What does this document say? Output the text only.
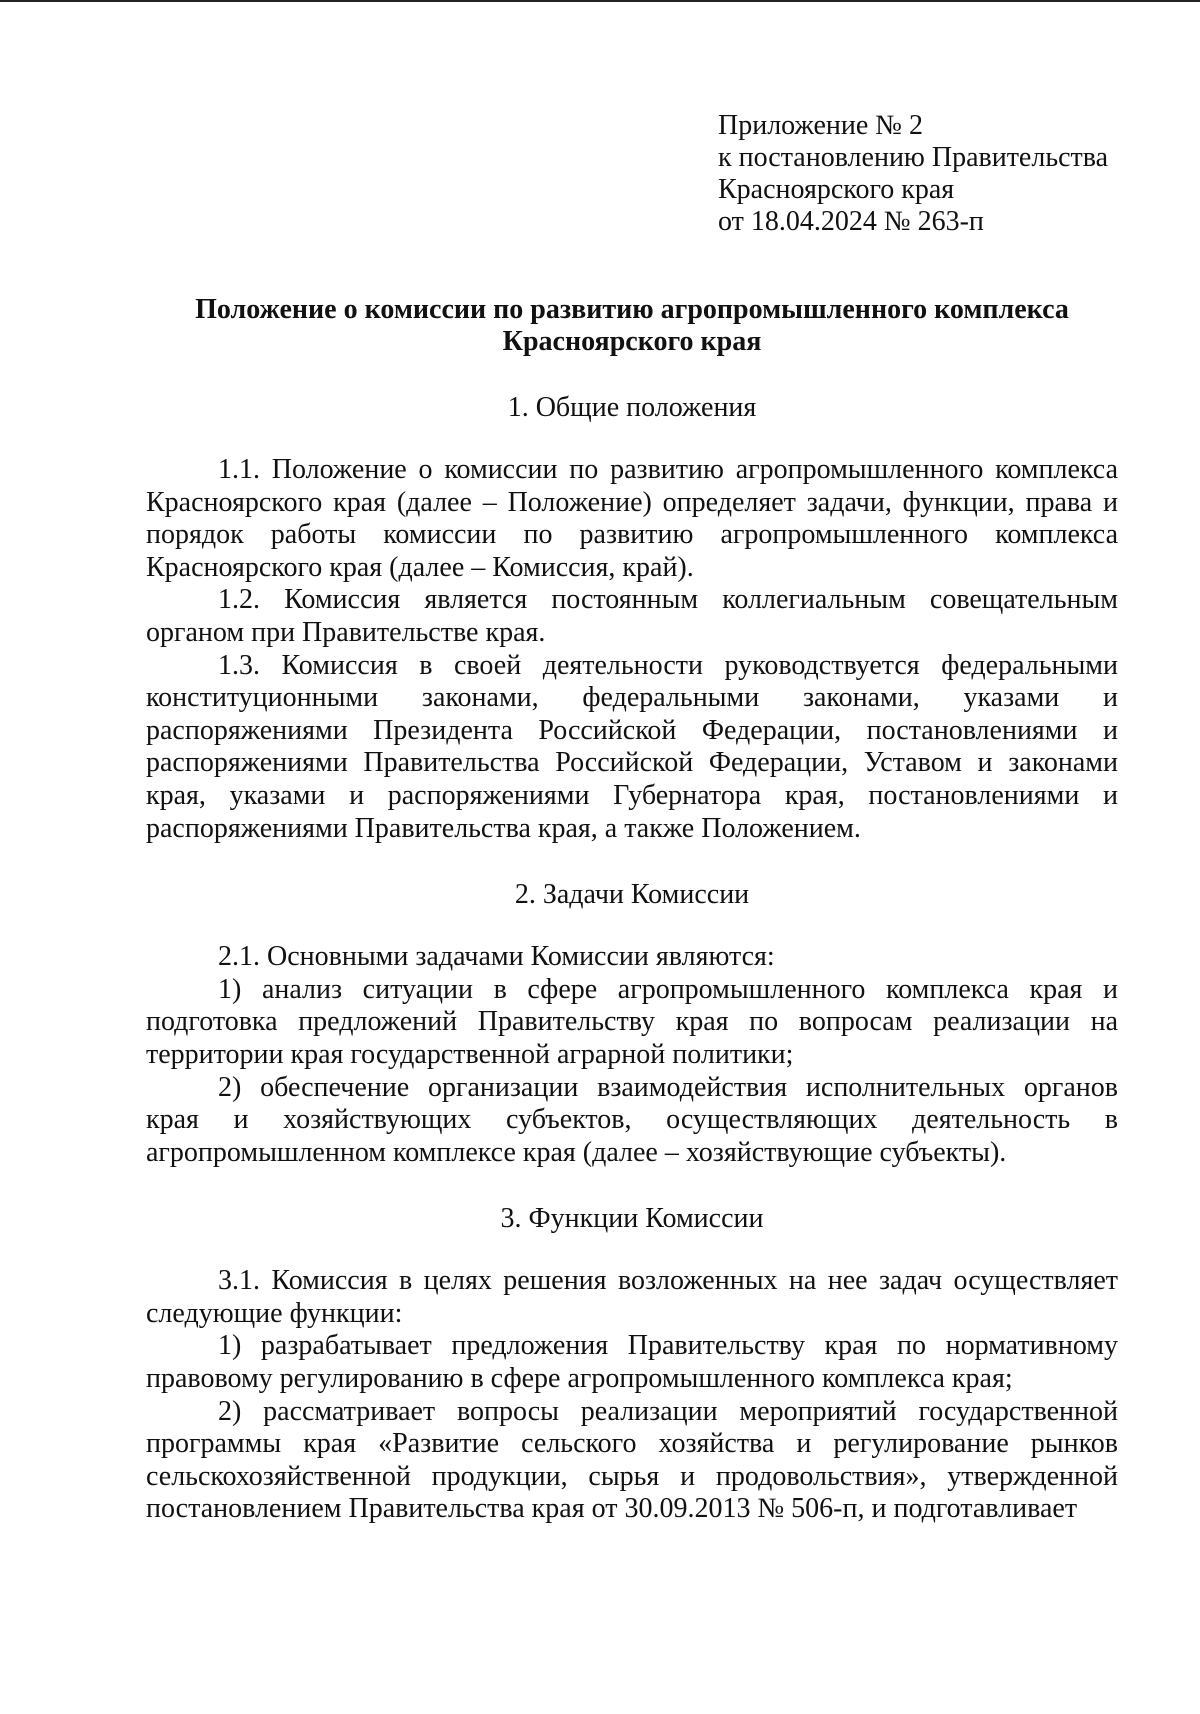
Приложение № 2
к постановлению Правительства
Красноярского края
от 18.04.2024 № 263-п
Положение о комиссии по развитию агропромышленного комплекса
Красноярского края
1. Общие положения

1.1. Положение о комиссии по развитию агропромышленного комплекса Красноярского края (далее – Положение) определяет задачи, функции, права и порядок работы комиссии по развитию агропромышленного комплекса Красноярского края (далее – Комиссия, край).

1.2. Комиссия является постоянным коллегиальным совещательным органом при Правительстве края.

1.3. Комиссия в своей деятельности руководствуется федеральными конституционными законами, федеральными законами, указами и распоряжениями Президента Российской Федерации, постановлениями и распоряжениями Правительства Российской Федерации, Уставом и законами края, указами и распоряжениями Губернатора края, постановлениями и распоряжениями Правительства края, а также Положением.

2. Задачи Комиссии

2.1. Основными задачами Комиссии являются:

1) анализ ситуации в сфере агропромышленного комплекса края и подготовка предложений Правительству края по вопросам реализации на территории края государственной аграрной политики;

2) обеспечение организации взаимодействия исполнительных органов края и хозяйствующих субъектов, осуществляющих деятельность в агропромышленном комплексе края (далее – хозяйствующие субъекты).

3. Функции Комиссии

3.1. Комиссия в целях решения возложенных на нее задач осуществляет следующие функции:

1) разрабатывает предложения Правительству края по нормативному правовому регулированию в сфере агропромышленного комплекса края;

2) рассматривает вопросы реализации мероприятий государственной программы края «Развитие сельского хозяйства и регулирование рынков сельскохозяйственной продукции, сырья и продовольствия», утвержденной постановлением Правительства края от 30.09.2013 № 506-п, и подготавливает
